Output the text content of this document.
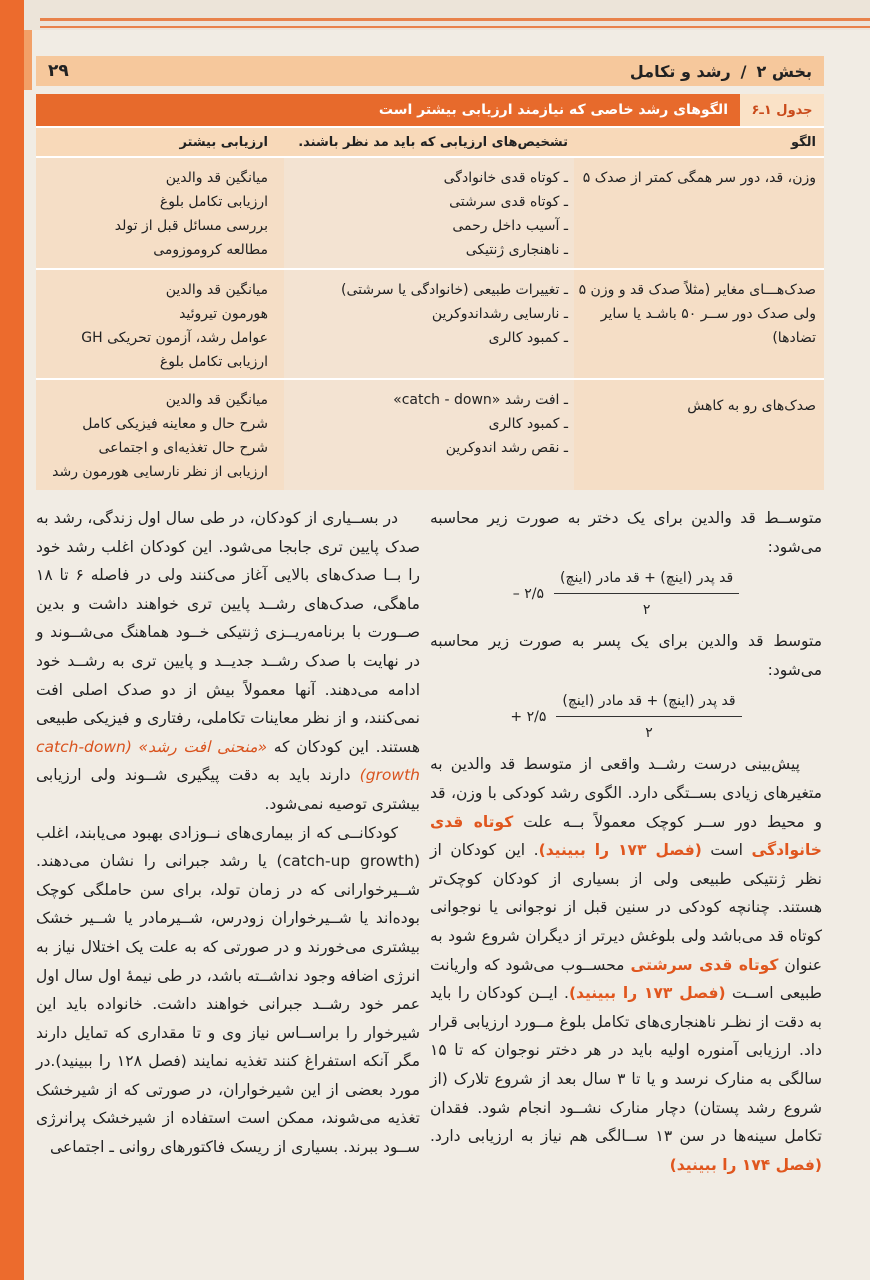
بخش ۲
/
رشد و تکامل
۲۹
جدول ۱ـ۶
الگوهای رشد خاصی که نیازمند ارزیابی بیشتر است
الگو
تشخیص‌های ارزیابی که باید مد نظر باشند.
ارزیابی بیشتر
وزن، قد، دور سر همگی کمتر از صدک ۵
ـ کوتاه قدی خانوادگی
ـ کوتاه قدی سرشتی
ـ آسیب داخل رحمی
ـ ناهنجاری ژنتیکی
میانگین قد والدین
ارزیابی تکامل بلوغ
بررسی مسائل قبل از تولد
مطالعه کروموزومی
صدک‌هـــای مغایر (مثلاً صدک قد و وزن ۵ ولی صدک دور ســر ۵۰ باشـد یا سایر تضادها)
ـ تغییرات طبیعی (خانوادگی یا سرشتی)
ـ نارسایی رشداندوکرین
ـ کمبود کالری
میانگین قد والدین
هورمون تیروئید
عوامل رشد، آزمون تحریکی GH
ارزیابی تکامل بلوغ
صدک‌های رو به کاهش
ـ افت رشد «catch - down»
ـ کمبود کالری
ـ نقص رشد اندوکرین
میانگین قد والدین
شرح حال و معاینه فیزیکی کامل
شرح حال تغذیه‌ای و اجتماعی
ارزیابی از نظر نارسایی هورمون رشد

متوســط قد والدین برای یک دختر به صورت زیر محاسبه می‌شود:

$\frac{\text{قد پدر (اینچ) + قد مادر (اینچ)}}{۲}$
۲/۵ –

متوسط قد والدین برای یک پسر به صورت زیر محاسبه می‌شود:

$\frac{\text{قد پدر (اینچ) + قد مادر (اینچ)}}{۲}$
۲/۵ +

پیش‌بینی درست رشــد واقعی از متوسط قد والدین به متغیرهای زیادی بســتگی دارد. الگوی رشد کودکی با وزن، قد و محیط دور ســر کوچک معمولاً بــه علت کوتاه قدی خانوادگی است (فصل ۱۷۳ را ببینید). این کودکان از نظر ژنتیکی طبیعی ولی از بسیاری از کودکان کوچک‌تر هستند. چنانچه کودکی در سنین قبل از نوجوانی یا نوجوانی کوتاه قد می‌باشد ولی بلوغش دیرتر از دیگران شروع شود به عنوان کوتاه قدی سرشتی محســوب می‌شود که واریانت طبیعی اســت (فصل ۱۷۳ را ببینید). ایــن کودکان را باید به دقت از نظـر ناهنجاری‌های تکامل بلوغ مــورد ارزیابی قرار داد. ارزیابی آمنوره اولیه باید در هر دختر نوجوان که تا ۱۵ سالگی به منارک نرسد و یا تا ۳ سال بعد از شروع تلارک (از شروع رشد پستان) دچار منارک نشــود انجام شود. فقدان تکامل سینه‌ها در سن ۱۳ ســالگی هم نیاز به ارزیابی دارد. (فصل ۱۷۴ را ببینید)

در بســیاری از کودکان، در طی سال اول زندگی، رشد به صدک پایین تری جابجا می‌شود. این کودکان اغلب رشد خود را بــا صدک‌های بالایی آغاز می‌کنند ولی در فاصله ۶ تا ۱۸ ماهگی، صدک‌های رشــد پایین تری خواهند داشت و بدین صــورت با برنامه‌ریــزی ژنتیکی خــود هماهنگ می‌شــوند و در نهایت با صدک رشــد جدیــد و پایین تری به رشــد خود ادامه می‌دهند. آنها معمولاً بیش از دو صدک اصلی افت نمی‌کنند، و از نظر معاینات تکاملی، رفتاری و فیزیکی طبیعی هستند. این کودکان که «منحنی افت رشد» (catch-down growth) دارند باید به دقت پیگیری شــوند ولی ارزیابی بیشتری توصیه نمی‌شود.

کودکانــی که از بیماری‌های نــوزادی بهبود می‌یابند، اغلب (catch-up growth) یا رشد جبرانی را نشان می‌دهند. شــیرخوارانی که در زمان تولد، برای سن حاملگی کوچک بوده‌اند یا شــیرخواران زودرس، شــیرمادر یا شــیر خشک بیشتری می‌خورند و در صورتی که به علت یک اختلال نیاز به انرژی اضافه وجود نداشــته باشد، در طی نیمهٔ اول سال اول عمر خود رشــد جبرانی خواهند داشت. خانواده باید این شیرخوار را براســاس نیاز وی و تا مقداری که تمایل دارند مگر آنکه استفراغ کنند تغذیه نمایند (فصل ۱۲۸ را ببینید).در مورد بعضی از این شیرخواران، در صورتی که از شیرخشک تغذیه می‌شوند، ممکن است استفاده از شیرخشک پرانرژی ســود ببرند. بسیاری از ریسک فاکتورهای روانی ـ اجتماعی
